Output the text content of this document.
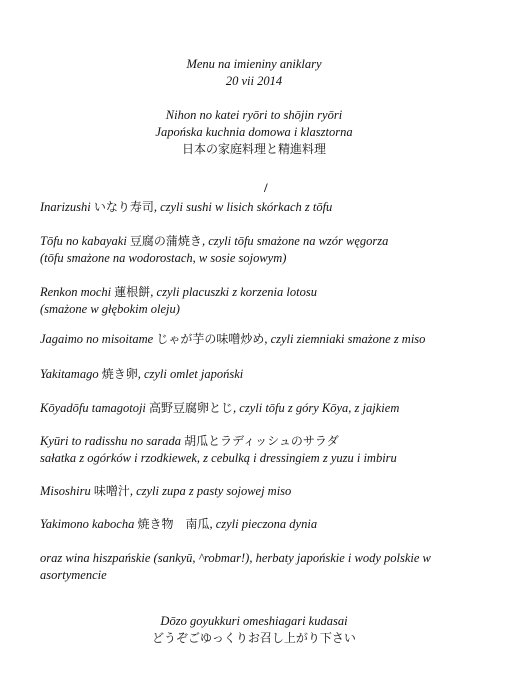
Menu na imieniny aniklary
20 vii 2014
Nihon no katei ryōri to shōjin ryōri
Japońska kuchnia domowa i klasztorna
日本の家庭料理と精進料理
/
Inarizushi いなり寿司, czyli sushi w lisich skórkach z tōfu
Tōfu no kabayaki 豆腐の蒲焼き, czyli tōfu smażone na wzór węgorza
(tōfu smażone na wodorostach, w sosie sojowym)
Renkon mochi 蓮根餅, czyli placuszki z korzenia lotosu
(smażone w głębokim oleju)
Jagaimo no misoitame じゃが芋の味噌炒め, czyli ziemniaki smażone z miso
Yakitamago 焼き卵, czyli omlet japoński
Kōyadōfu tamagotoji 高野豆腐卵とじ, czyli tōfu z góry Kōya, z jajkiem
Kyūri to radisshu no sarada 胡瓜とラディッシュのサラダ
sałatka z ogórków i rzodkiewek, z cebulką i dressingiem z yuzu i imbiru
Misoshiru 味噌汁, czyli zupa z pasty sojowej miso
Yakimono kabocha 焼き物　南瓜, czyli pieczona dynia
oraz wina hiszpańskie (sankyū, ^robmar!), herbaty japońskie i wody polskie w
asortymencie
Dōzo goyukkuri omeshiagari kudasai
どうぞごゆっくりお召し上がり下さい
